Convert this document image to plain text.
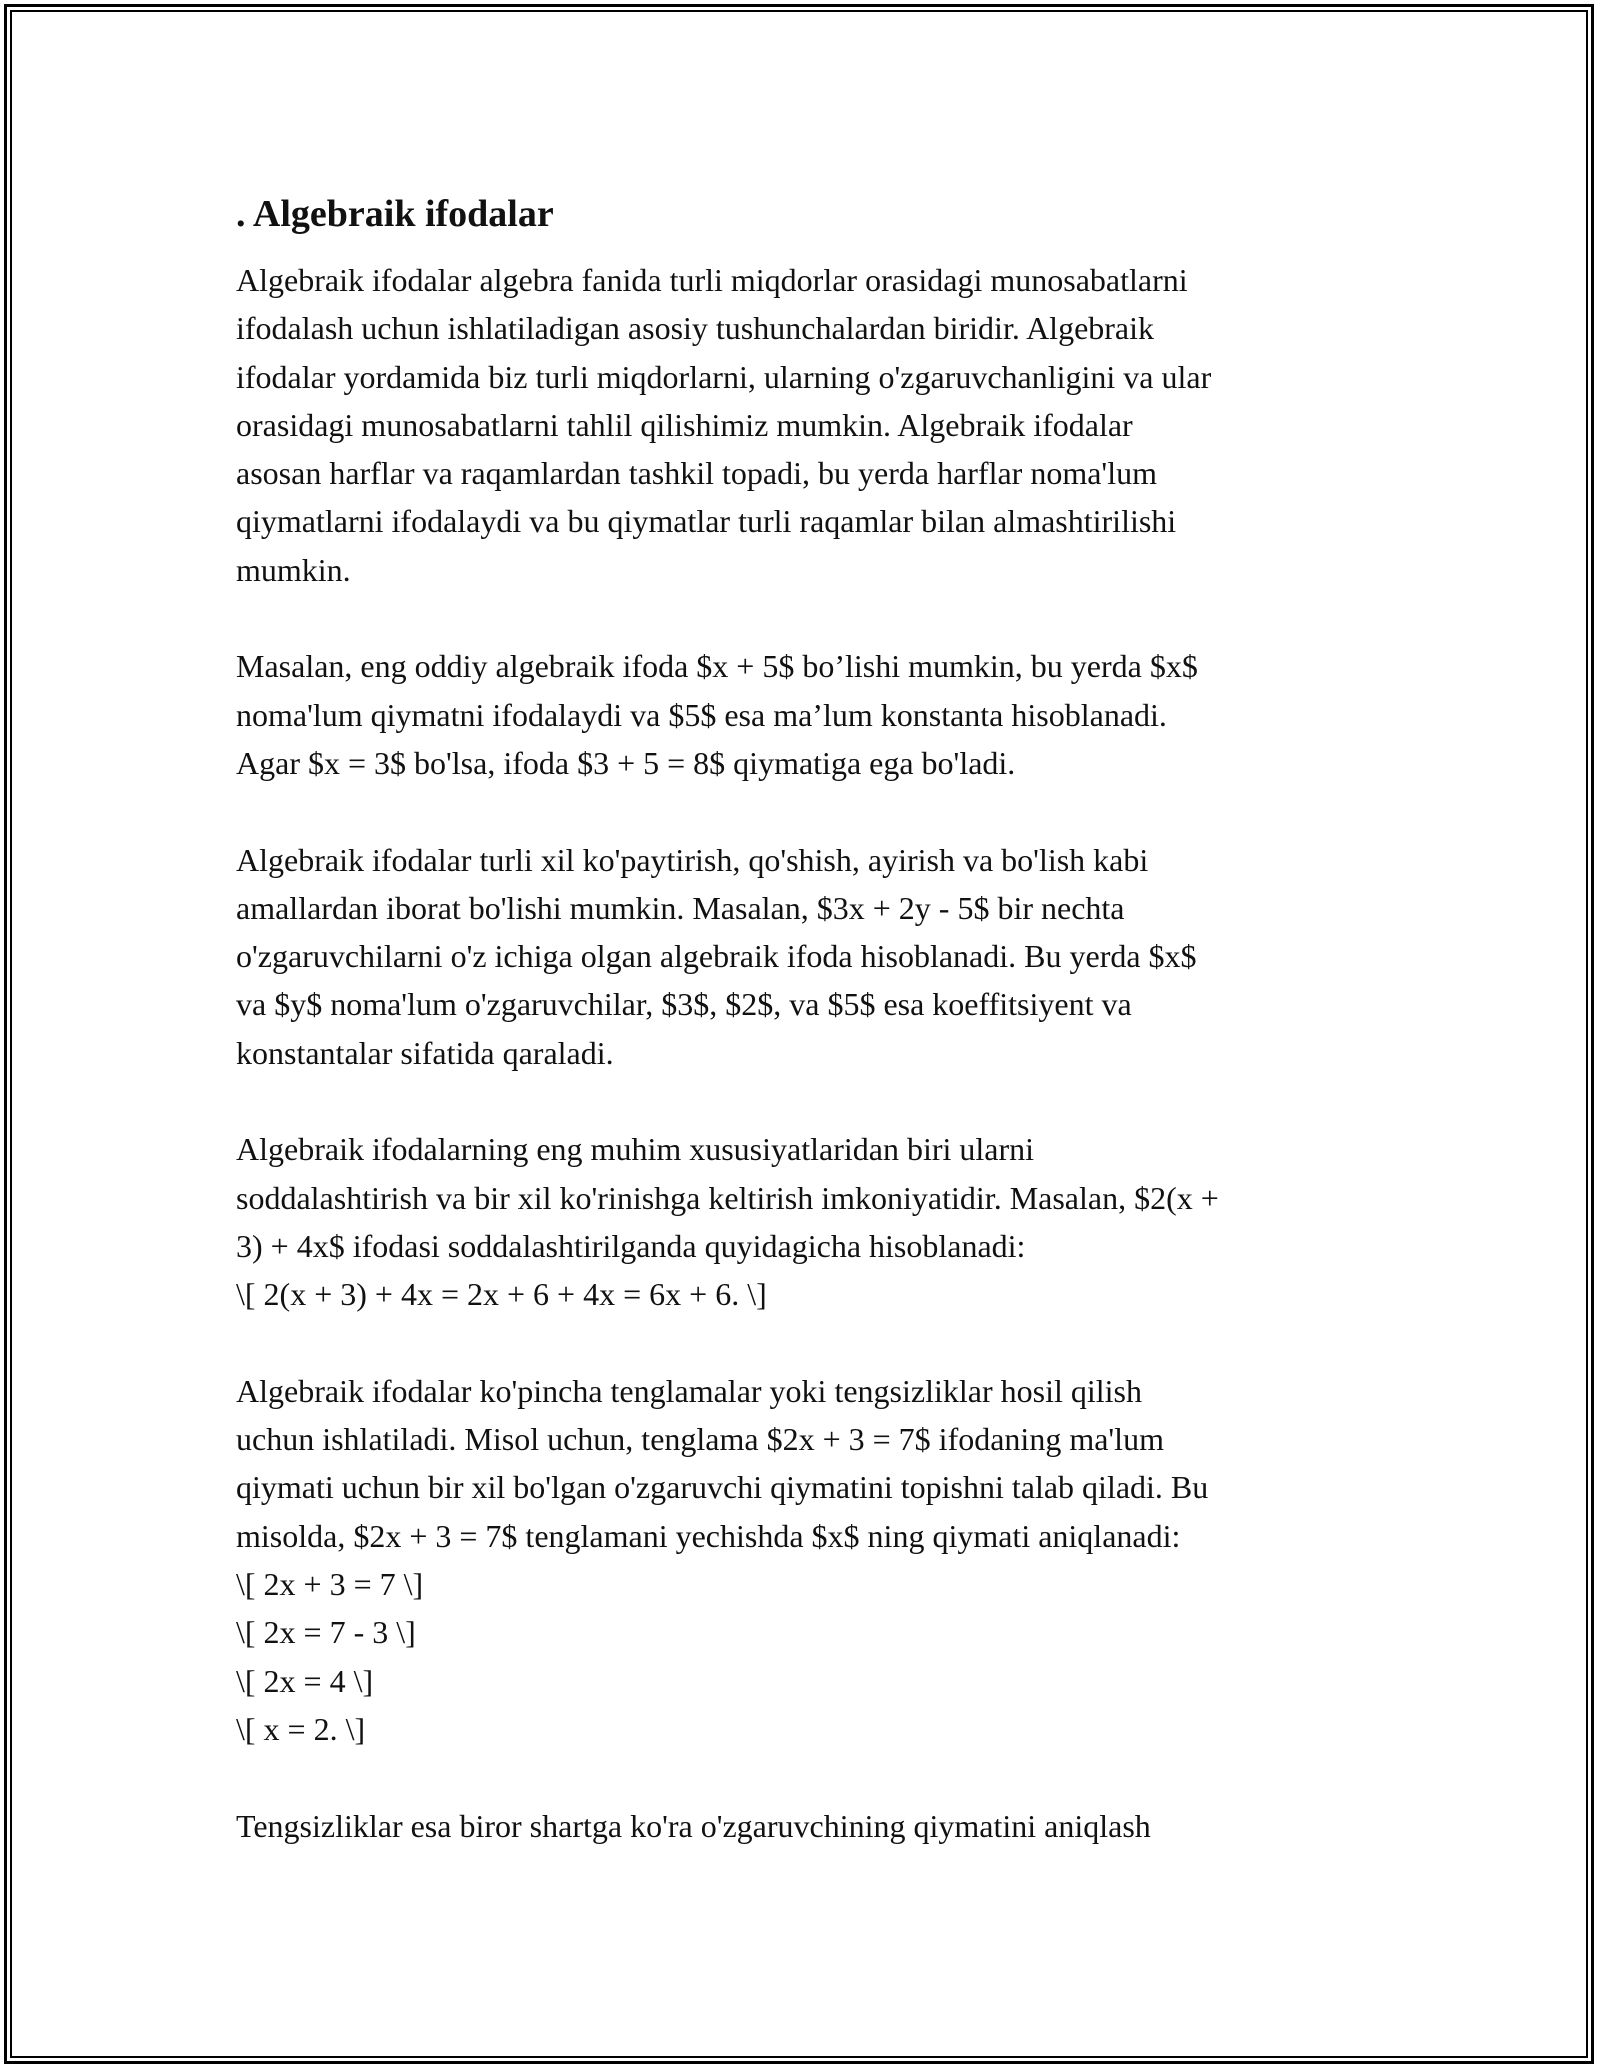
. Algebraik ifodalar
Algebraik ifodalar algebra fanida turli miqdorlar orasidagi munosabatlarni
ifodalash uchun ishlatiladigan asosiy tushunchalardan biridir. Algebraik
ifodalar yordamida biz turli miqdorlarni, ularning o'zgaruvchanligini va ular
orasidagi munosabatlarni tahlil qilishimiz mumkin. Algebraik ifodalar
asosan harflar va raqamlardan tashkil topadi, bu yerda harflar noma'lum
qiymatlarni ifodalaydi va bu qiymatlar turli raqamlar bilan almashtirilishi
mumkin.
Masalan, eng oddiy algebraik ifoda $x + 5$ bo’lishi mumkin, bu yerda $x$
noma'lum qiymatni ifodalaydi va $5$ esa ma’lum konstanta hisoblanadi.
Agar $x = 3$ bo'lsa, ifoda $3 + 5 = 8$ qiymatiga ega bo'ladi.
Algebraik ifodalar turli xil ko'paytirish, qo'shish, ayirish va bo'lish kabi
amallardan iborat bo'lishi mumkin. Masalan, $3x + 2y - 5$ bir nechta
o'zgaruvchilarni o'z ichiga olgan algebraik ifoda hisoblanadi. Bu yerda $x$
va $y$ noma'lum o'zgaruvchilar, $3$, $2$, va $5$ esa koeffitsiyent va
konstantalar sifatida qaraladi.
Algebraik ifodalarning eng muhim xususiyatlaridan biri ularni
soddalashtirish va bir xil ko'rinishga keltirish imkoniyatidir. Masalan, $2(x +
3) + 4x$ ifodasi soddalashtirilganda quyidagicha hisoblanadi:
\[ 2(x + 3) + 4x = 2x + 6 + 4x = 6x + 6. \]
Algebraik ifodalar ko'pincha tenglamalar yoki tengsizliklar hosil qilish
uchun ishlatiladi. Misol uchun, tenglama $2x + 3 = 7$ ifodaning ma'lum
qiymati uchun bir xil bo'lgan o'zgaruvchi qiymatini topishni talab qiladi. Bu
misolda, $2x + 3 = 7$ tenglamani yechishda $x$ ning qiymati aniqlanadi:
\[ 2x + 3 = 7 \]
\[ 2x = 7 - 3 \]
\[ 2x = 4 \]
\[ x = 2. \]
Tengsizliklar esa biror shartga ko'ra o'zgaruvchining qiymatini aniqlash
